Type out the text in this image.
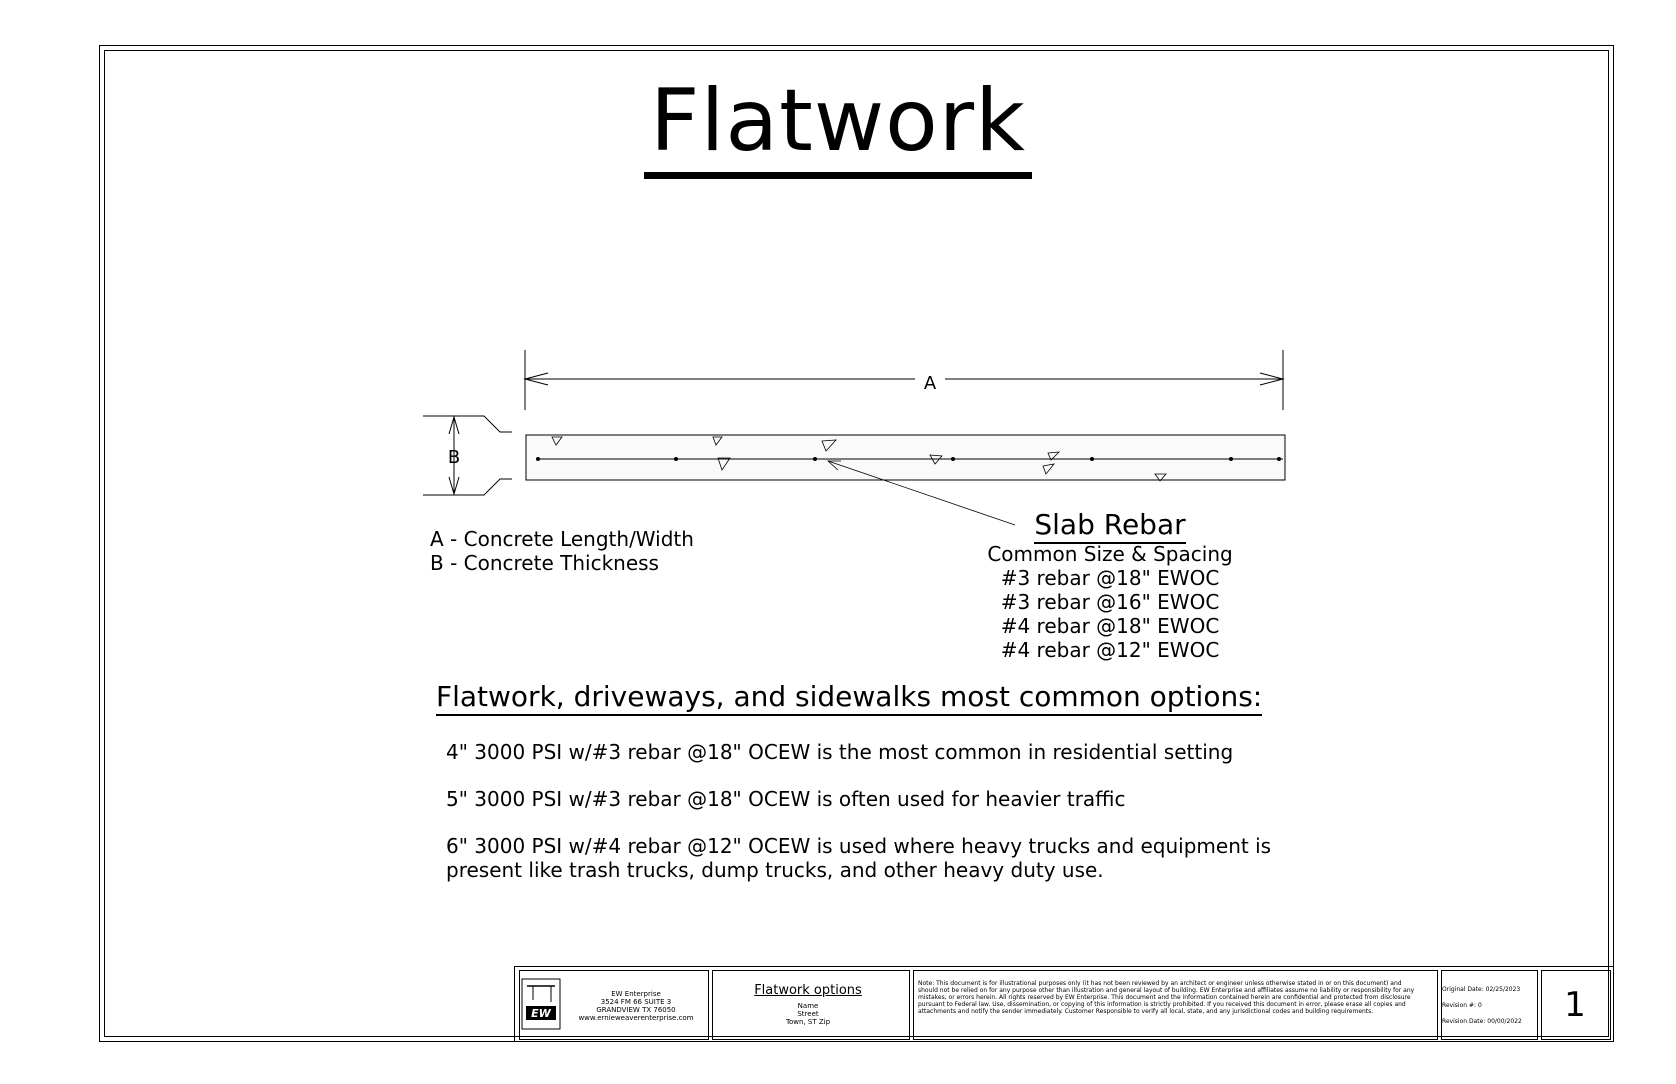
Flatwork
A
B
A - Concrete Length/Width
B - Concrete Thickness
Slab Rebar
Common Size & Spacing
#3 rebar @18" EWOC
#3 rebar @16" EWOC
#4 rebar @18" EWOC
#4 rebar @12" EWOC
Flatwork, driveways, and sidewalks most common options:

4" 3000 PSI w/#3 rebar @18" OCEW is the most common in residential setting

5" 3000 PSI w/#3 rebar @18" OCEW is often used for heavier traffic

6" 3000 PSI w/#4 rebar @12" OCEW is used where heavy trucks and equipment is present like trash trucks, dump trucks, and other heavy duty use.

EW
EW Enterprise
3524 FM 66 SUITE 3
GRANDVIEW TX 76050
www.ernieweaverenterprise.com
Flatwork options
Name
Street
Town, ST Zip
Note: This document is for illustrational purposes only (it has not been reviewed by an architect or engineer unless otherwise stated in or on this document) and should not be relied on for any purpose other than illustration and general layout of building. EW Enterprise and affiliates assume no liability or responsibility for any mistakes, or errors herein. All rights reserved by EW Enterprise. This document and the information contained herein are confidential and protected from disclosure pursuant to Federal law. Use, dissemination, or copying of this information is strictly prohibited. If you received this document in error, please erase all copies and attachments and notify the sender immediately. Customer Responsible to verify all local, state, and any jurisdictional codes and building requirements.
Original Date: 02/25/2023
Revision #: 0
Revision Date: 00/00/2022	1
